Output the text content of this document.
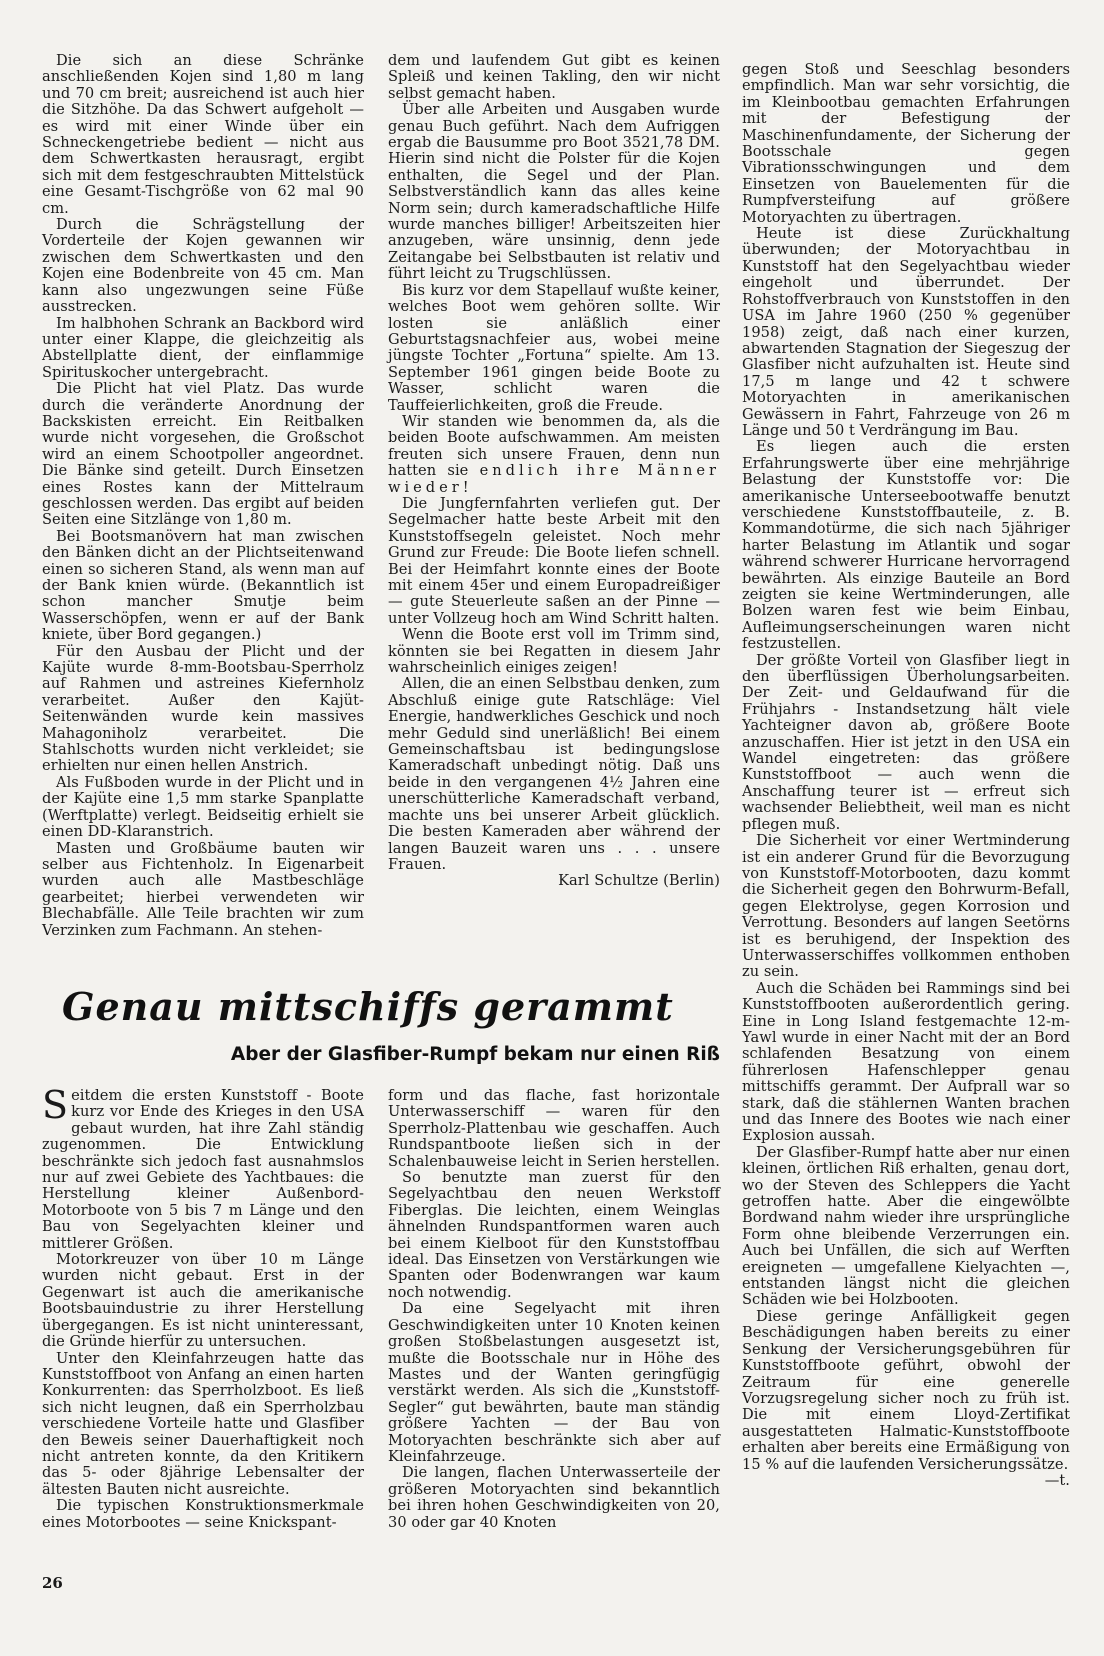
Die sich an diese Schränke anschließenden Kojen sind 1,80 m lang und 70 cm breit; ausreichend ist auch hier die Sitzhöhe. Da das Schwert aufgeholt — es wird mit einer Winde über ein Schneckengetriebe bedient — nicht aus dem Schwertkasten herausragt, ergibt sich mit dem festgeschraubten Mittelstück eine Gesamt-Tischgröße von 62 mal 90 cm.

Durch die Schrägstellung der Vorderteile der Kojen gewannen wir zwischen dem Schwertkasten und den Kojen eine Bodenbreite von 45 cm. Man kann also ungezwungen seine Füße ausstrecken.

Im halbhohen Schrank an Backbord wird unter einer Klappe, die gleichzeitig als Abstellplatte dient, der einflammige Spirituskocher untergebracht.

Die Plicht hat viel Platz. Das wurde durch die veränderte Anordnung der Backskisten erreicht. Ein Reitbalken wurde nicht vorgesehen, die Großschot wird an einem Schootpoller angeordnet. Die Bänke sind geteilt. Durch Einsetzen eines Rostes kann der Mittelraum geschlossen werden. Das ergibt auf beiden Seiten eine Sitzlänge von 1,80 m.

Bei Bootsmanövern hat man zwischen den Bänken dicht an der Plichtseitenwand einen so sicheren Stand, als wenn man auf der Bank knien würde. (Bekanntlich ist schon mancher Smutje beim Wasserschöpfen, wenn er auf der Bank kniete, über Bord gegangen.)

Für den Ausbau der Plicht und der Kajüte wurde 8-mm-Bootsbau-Sperrholz auf Rahmen und astreines Kiefernholz verarbeitet. Außer den Kajüt-Seitenwänden wurde kein massives Mahagoniholz verarbeitet. Die Stahlschotts wurden nicht verkleidet; sie erhielten nur einen hellen Anstrich.

Als Fußboden wurde in der Plicht und in der Kajüte eine 1,5 mm starke Spanplatte (Werftplatte) verlegt. Beidseitig erhielt sie einen DD-Klaranstrich.

Masten und Großbäume bauten wir selber aus Fichtenholz. In Eigenarbeit wurden auch alle Mastbeschläge gearbeitet; hierbei verwendeten wir Blechabfälle. Alle Teile brachten wir zum Verzinken zum Fachmann. An stehen-

dem und laufendem Gut gibt es keinen Spleiß und keinen Takling, den wir nicht selbst gemacht haben.

Über alle Arbeiten und Ausgaben wurde genau Buch geführt. Nach dem Aufriggen ergab die Bausumme pro Boot 3521,78 DM. Hierin sind nicht die Polster für die Kojen enthalten, die Segel und der Plan. Selbstverständlich kann das alles keine Norm sein; durch kameradschaftliche Hilfe wurde manches billiger! Arbeitszeiten hier anzugeben, wäre unsinnig, denn jede Zeitangabe bei Selbstbauten ist relativ und führt leicht zu Trugschlüssen.

Bis kurz vor dem Stapellauf wußte keiner, welches Boot wem gehören sollte. Wir losten sie anläßlich einer Geburtstagsnachfeier aus, wobei meine jüngste Tochter „Fortuna“ spielte. Am 13. September 1961 gingen beide Boote zu Wasser, schlicht waren die Tauffeierlichkeiten, groß die Freude.

Wir standen wie benommen da, als die beiden Boote aufschwammen. Am meisten freuten sich unsere Frauen, denn nun hatten sie endlich ihre Männer wieder!

Die Jungfernfahrten verliefen gut. Der Segelmacher hatte beste Arbeit mit den Kunststoffsegeln geleistet. Noch mehr Grund zur Freude: Die Boote liefen schnell. Bei der Heimfahrt konnte eines der Boote mit einem 45er und einem Europadreißiger — gute Steuerleute saßen an der Pinne — unter Vollzeug hoch am Wind Schritt halten.

Wenn die Boote erst voll im Trimm sind, könnten sie bei Regatten in diesem Jahr wahrscheinlich einiges zeigen!

Allen, die an einen Selbstbau denken, zum Abschluß einige gute Ratschläge: Viel Energie, handwerkliches Geschick und noch mehr Geduld sind unerläßlich! Bei einem Gemeinschaftsbau ist bedingungslose Kameradschaft unbedingt nötig. Daß uns beide in den vergangenen 4½ Jahren eine unerschütterliche Kameradschaft verband, machte uns bei unserer Arbeit glücklich. Die besten Kameraden aber während der langen Bauzeit waren uns . . . unsere Frauen.

Karl Schultze (Berlin)

gegen Stoß und Seeschlag besonders empfindlich. Man war sehr vorsichtig, die im Kleinbootbau gemachten Erfahrungen mit der Befestigung der Maschinenfundamente, der Sicherung der Bootsschale gegen Vibrationsschwingungen und dem Einsetzen von Bauelementen für die Rumpfversteifung auf größere Motoryachten zu übertragen.

Heute ist diese Zurückhaltung überwunden; der Motoryachtbau in Kunststoff hat den Segelyachtbau wieder eingeholt und überrundet. Der Rohstoffverbrauch von Kunststoffen in den USA im Jahre 1960 (250 % gegenüber 1958) zeigt, daß nach einer kurzen, abwartenden Stagnation der Siegeszug der Glasfiber nicht aufzuhalten ist. Heute sind 17,5 m lange und 42 t schwere Motoryachten in amerikanischen Gewässern in Fahrt, Fahrzeuge von 26 m Länge und 50 t Verdrängung im Bau.

Es liegen auch die ersten Erfahrungswerte über eine mehrjährige Belastung der Kunststoffe vor: Die amerikanische Unterseebootwaffe benutzt verschiedene Kunststoffbauteile, z. B. Kommandotürme, die sich nach 5jähriger harter Belastung im Atlantik und sogar während schwerer Hurricane hervorragend bewährten. Als einzige Bauteile an Bord zeigten sie keine Wertminderungen, alle Bolzen waren fest wie beim Einbau, Aufleimungserscheinungen waren nicht festzustellen.

Der größte Vorteil von Glasfiber liegt in den überflüssigen Überholungsarbeiten. Der Zeit- und Geldaufwand für die Frühjahrs - Instandsetzung hält viele Yachteigner davon ab, größere Boote anzuschaffen. Hier ist jetzt in den USA ein Wandel eingetreten: das größere Kunststoffboot — auch wenn die Anschaffung teurer ist — erfreut sich wachsender Beliebtheit, weil man es nicht pflegen muß.

Die Sicherheit vor einer Wertminderung ist ein anderer Grund für die Bevorzugung von Kunststoff-Motorbooten, dazu kommt die Sicherheit gegen den Bohrwurm-Befall, gegen Elektrolyse, gegen Korrosion und Verrottung. Besonders auf langen Seetörns ist es beruhigend, der Inspektion des Unterwasserschiffes vollkommen enthoben zu sein.

Auch die Schäden bei Rammings sind bei Kunststoffbooten außerordentlich gering. Eine in Long Island festgemachte 12-m-Yawl wurde in einer Nacht mit der an Bord schlafenden Besatzung von einem führerlosen Hafenschlepper genau mittschiffs gerammt. Der Aufprall war so stark, daß die stählernen Wanten brachen und das Innere des Bootes wie nach einer Explosion aussah.

Der Glasfiber-Rumpf hatte aber nur einen kleinen, örtlichen Riß erhalten, genau dort, wo der Steven des Schleppers die Yacht getroffen hatte. Aber die eingewölbte Bordwand nahm wieder ihre ursprüngliche Form ohne bleibende Verzerrungen ein. Auch bei Unfällen, die sich auf Werften ereigneten — umgefallene Kielyachten —, entstanden längst nicht die gleichen Schäden wie bei Holzbooten.

Diese geringe Anfälligkeit gegen Beschädigungen haben bereits zu einer Senkung der Versicherungsgebühren für Kunststoffboote geführt, obwohl der Zeitraum für eine generelle Vorzugsregelung sicher noch zu früh ist. Die mit einem Lloyd-Zertifikat ausgestatteten Halmatic-Kunststoffboote erhalten aber bereits eine Ermäßigung von 15 % auf die laufenden Versicherungssätze.

—t.

Genau mittschiffs gerammt
Aber der Glasfiber-Rumpf bekam nur einen Riß

Seitdem die ersten Kunststoff - Boote kurz vor Ende des Krieges in den USA gebaut wurden, hat ihre Zahl ständig zugenommen. Die Entwicklung beschränkte sich jedoch fast ausnahmslos nur auf zwei Gebiete des Yachtbaues: die Herstellung kleiner Außenbord-Motorboote von 5 bis 7 m Länge und den Bau von Segelyachten kleiner und mittlerer Größen.

Motorkreuzer von über 10 m Länge wurden nicht gebaut. Erst in der Gegenwart ist auch die amerikanische Bootsbauindustrie zu ihrer Herstellung übergegangen. Es ist nicht uninteressant, die Gründe hierfür zu untersuchen.

Unter den Kleinfahrzeugen hatte das Kunststoffboot von Anfang an einen harten Konkurrenten: das Sperrholzboot. Es ließ sich nicht leugnen, daß ein Sperrholzbau verschiedene Vorteile hatte und Glasfiber den Beweis seiner Dauerhaftigkeit noch nicht antreten konnte, da den Kritikern das 5- oder 8jährige Lebensalter der ältesten Bauten nicht ausreichte.

Die typischen Konstruktionsmerkmale eines Motorbootes — seine Knickspant-

form und das flache, fast horizontale Unterwasserschiff — waren für den Sperrholz-Plattenbau wie geschaffen. Auch Rundspantboote ließen sich in der Schalenbauweise leicht in Serien herstellen.

So benutzte man zuerst für den Segelyachtbau den neuen Werkstoff Fiberglas. Die leichten, einem Weinglas ähnelnden Rundspantformen waren auch bei einem Kielboot für den Kunststoffbau ideal. Das Einsetzen von Verstärkungen wie Spanten oder Bodenwrangen war kaum noch notwendig.

Da eine Segelyacht mit ihren Geschwindigkeiten unter 10 Knoten keinen großen Stoßbelastungen ausgesetzt ist, mußte die Bootsschale nur in Höhe des Mastes und der Wanten geringfügig verstärkt werden. Als sich die „Kunststoff-Segler“ gut bewährten, baute man ständig größere Yachten — der Bau von Motoryachten beschränkte sich aber auf Kleinfahrzeuge.

Die langen, flachen Unterwasserteile der größeren Motoryachten sind bekanntlich bei ihren hohen Geschwindigkeiten von 20, 30 oder gar 40 Knoten

26
